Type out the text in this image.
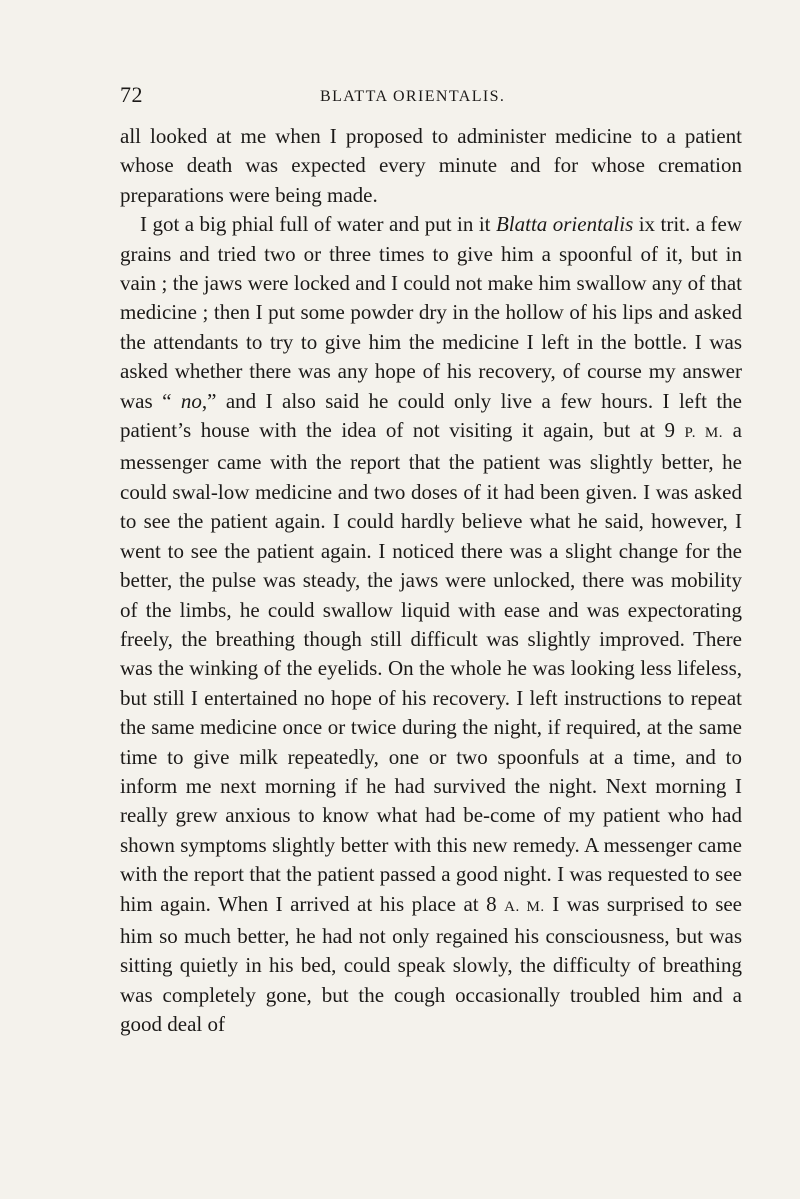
72	BLATTA ORIENTALIS.

all looked at me when I proposed to administer medicine to a patient whose death was expected every minute and for whose cremation preparations were being made.

I got a big phial full of water and put in it Blatta orientalis ix trit. a few grains and tried two or three times to give him a spoonful of it, but in vain ; the jaws were locked and I could not make him swallow any of that medicine ; then I put some powder dry in the hollow of his lips and asked the attendants to try to give him the medicine I left in the bottle. I was asked whether there was any hope of his recovery, of course my answer was “ no,” and I also said he could only live a few hours. I left the patient’s house with the idea of not visiting it again, but at 9 P. M. a messenger came with the report that the patient was slightly better, he could swal-low medicine and two doses of it had been given. I was asked to see the patient again. I could hardly believe what he said, however, I went to see the patient again. I noticed there was a slight change for the better, the pulse was steady, the jaws were unlocked, there was mobility of the limbs, he could swallow liquid with ease and was expectorating freely, the breathing though still difficult was slightly improved. There was the winking of the eyelids. On the whole he was looking less lifeless, but still I entertained no hope of his recovery. I left instructions to repeat the same medicine once or twice during the night, if required, at the same time to give milk repeatedly, one or two spoonfuls at a time, and to inform me next morning if he had survived the night. Next morning I really grew anxious to know what had be-come of my patient who had shown symptoms slightly better with this new remedy. A messenger came with the report that the patient passed a good night. I was requested to see him again. When I arrived at his place at 8 A. M. I was surprised to see him so much better, he had not only regained his consciousness, but was sitting quietly in his bed, could speak slowly, the difficulty of breathing was completely gone, but the cough occasionally troubled him and a good deal of
